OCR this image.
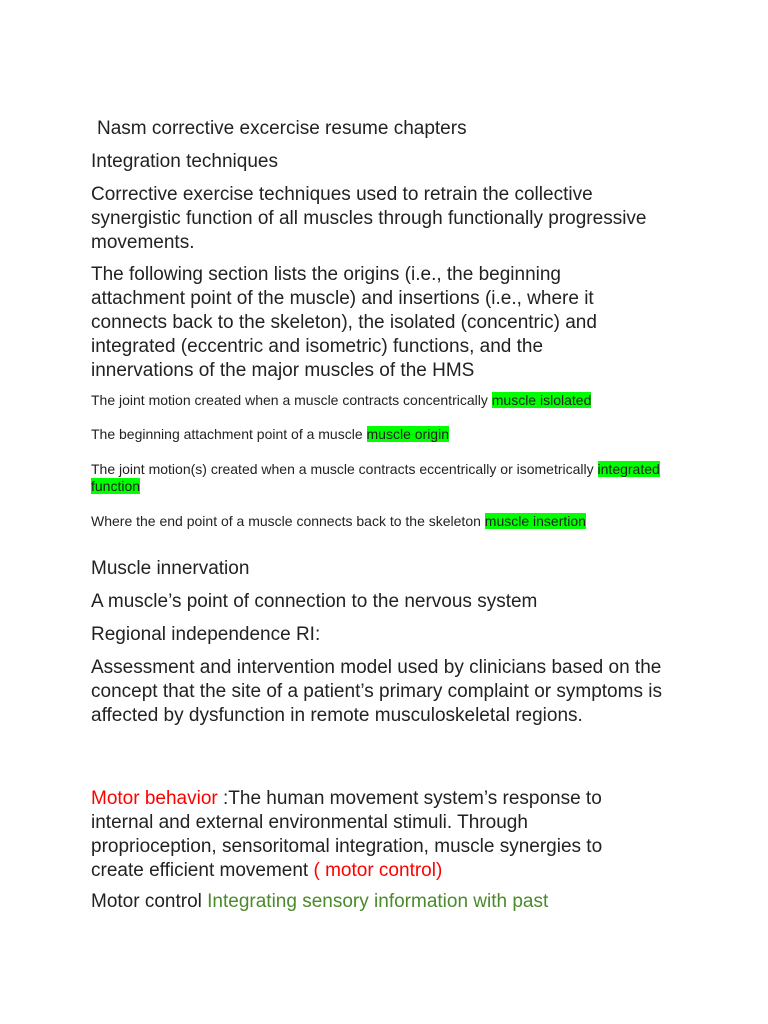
Nasm corrective excercise resume chapters

Integration techniques

Corrective exercise techniques used to retrain the collective synergistic function of all muscles through functionally progressive movements.

The following section lists the origins (i.e., the beginning attachment point of the muscle) and insertions (i.e., where it connects back to the skeleton), the isolated (concentric) and integrated (eccentric and isometric) functions, and the innervations of the major muscles of the HMS

The joint motion created when a muscle contracts concentrically muscle islolated

The beginning attachment point of a muscle muscle origin

The joint motion(s) created when a muscle contracts eccentrically or isometrically integrated function

Where the end point of a muscle connects back to the skeleton muscle insertion

Muscle innervation

A muscle’s point of connection to the nervous system

Regional independence RI:

Assessment and intervention model used by clinicians based on the concept that the site of a patient’s primary complaint or symptoms is affected by dysfunction in remote musculoskeletal regions.

Motor behavior :The human movement system’s response to internal and external environmental stimuli. Through proprioception, sensoritomal integration, muscle synergies to create efficient movement ( motor control)

Motor control Integrating sensory information with past
